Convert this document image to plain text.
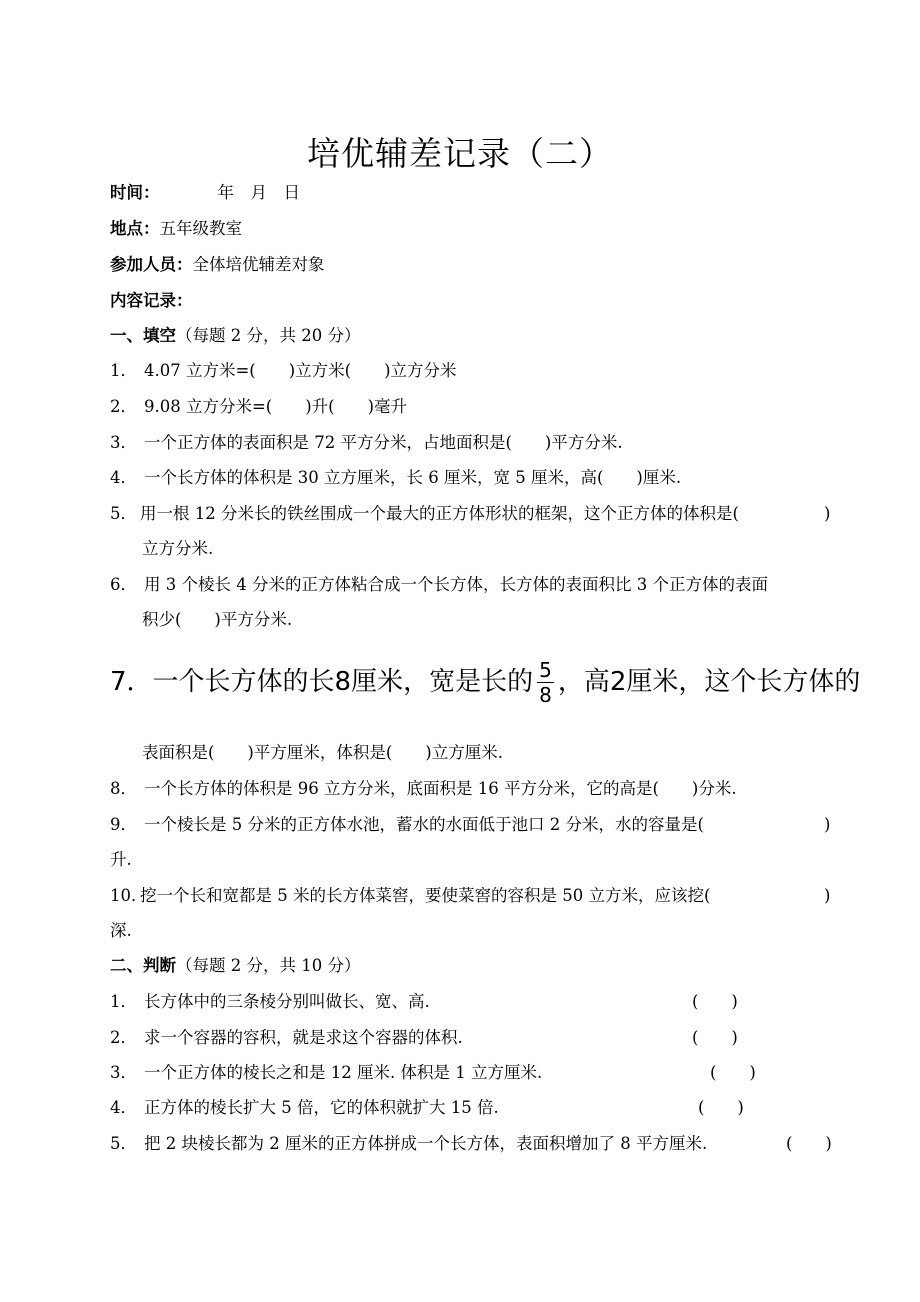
培优辅差记录（二）
时间：	年　月　日
地点：五年级教室
参加人员：全体培优辅差对象
内容记录：
一、填空（每题 2 分，共 20 分）
1． 4.07 立方米=(　　)立方米(　　)立方分米
2． 9.08 立方分米=(　　)升(　　)毫升
3． 一个正方体的表面积是 72 平方分米，占地面积是(　　)平方分米.
4． 一个长方体的体积是 30 立方厘米，长 6 厘米，宽 5 厘米，高(　　)厘米.
5． 用一根 12 分米长的铁丝围成一个最大的正方体形状的框架，这个正方体的体积是(	)
立方分米.
6． 用 3 个棱长 4 分米的正方体粘合成一个长方体，长方体的表面积比 3 个正方体的表面
积少(　　)平方分米.
7．一个长方体的长8厘米，宽是长的 $\frac{5}{8}$ ，高2厘米，这个长方体的
表面积是(　　)平方厘米，体积是(　　)立方厘米.
8． 一个长方体的体积是 96 立方分米，底面积是 16 平方分米，它的高是(　　)分米.
9． 一个棱长是 5 分米的正方体水池，蓄水的水面低于池口 2 分米，水的容量是(	)
升.
10．挖一个长和宽都是 5 米的长方体菜窖，要使菜窖的容积是 50 立方米，应该挖(	)
深.
二、判断（每题 2 分，共 10 分）
1． 长方体中的三条棱分别叫做长、宽、高.	(　　)
2． 求一个容器的容积，就是求这个容器的体积.	(　　)
3． 一个正方体的棱长之和是 12 厘米. 体积是 1 立方厘米.	(　　)
4． 正方体的棱长扩大 5 倍，它的体积就扩大 15 倍.	(　　)
5． 把 2 块棱长都为 2 厘米的正方体拼成一个长方体，表面积增加了 8 平方厘米.	(　　)
